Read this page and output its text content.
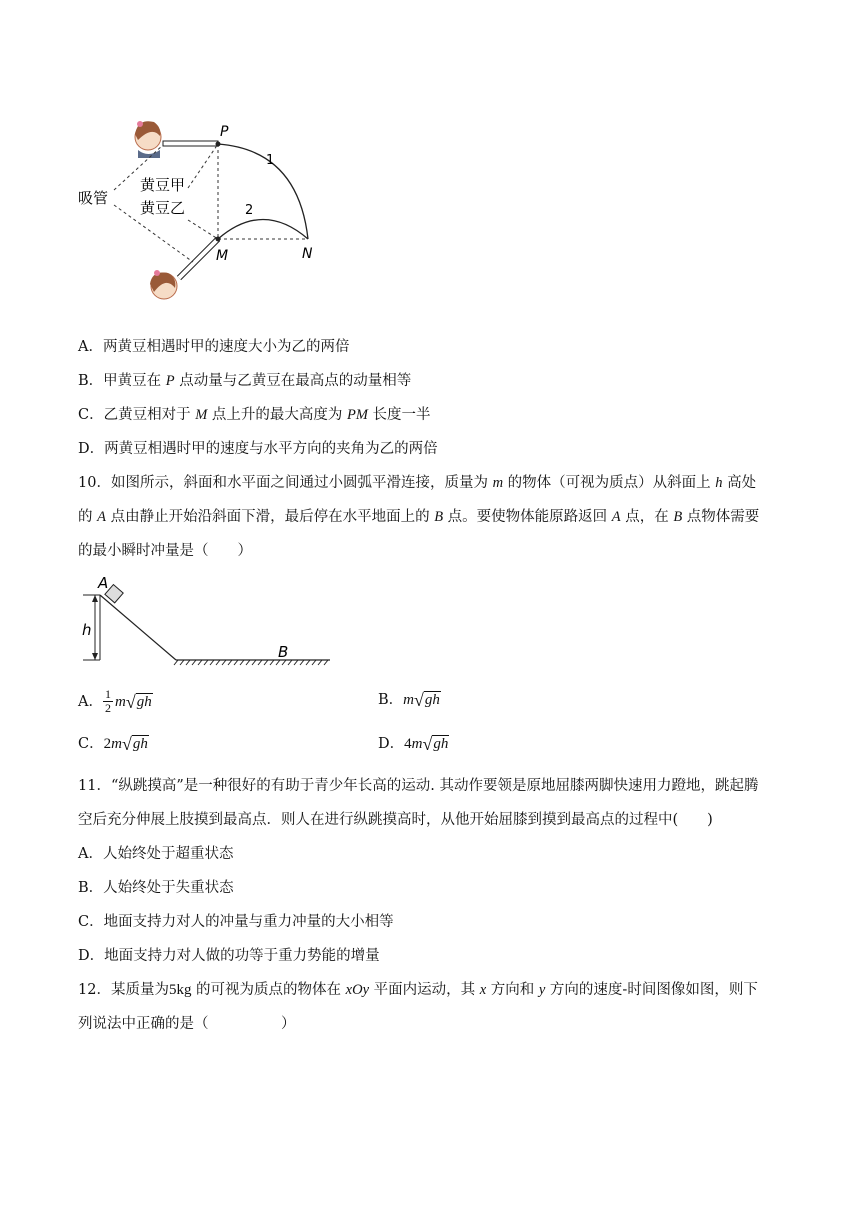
P
1
2
M	N
吸管
黄豆甲
黄豆乙
A．两黄豆相遇时甲的速度大小为乙的两倍
B．甲黄豆在 P 点动量与乙黄豆在最高点的动量相等
C．乙黄豆相对于 M 点上升的最大高度为 PM 长度一半
D．两黄豆相遇时甲的速度与水平方向的夹角为乙的两倍
10．如图所示，斜面和水平面之间通过小圆弧平滑连接，质量为 m 的物体（可视为质点）从斜面上 h 高处
的 A 点由静止开始沿斜面下滑，最后停在水平地面上的 B 点。要使物体能原路返回 A 点，在 B 点物体需要
的最小瞬时冲量是（　　）
h
A
B
A． $\frac{1}{2}$ m √ gh	B． m √ gh
C． 2 m √ gh	D． 4 m √ gh
11．“纵跳摸高”是一种很好的有助于青少年长高的运动. 其动作要领是原地屈膝两脚快速用力蹬地，跳起腾
空后充分伸展上肢摸到最高点．则人在进行纵跳摸高时，从他开始屈膝到摸到最高点的过程中(　　)
A．人始终处于超重状态
B．人始终处于失重状态
C．地面支持力对人的冲量与重力冲量的大小相等
D．地面支持力对人做的功等于重力势能的增量
12．某质量为5kg 的可视为质点的物体在 xOy 平面内运动，其 x 方向和 y 方向的速度-时间图像如图，则下
列说法中正确的是（　　　　　）
